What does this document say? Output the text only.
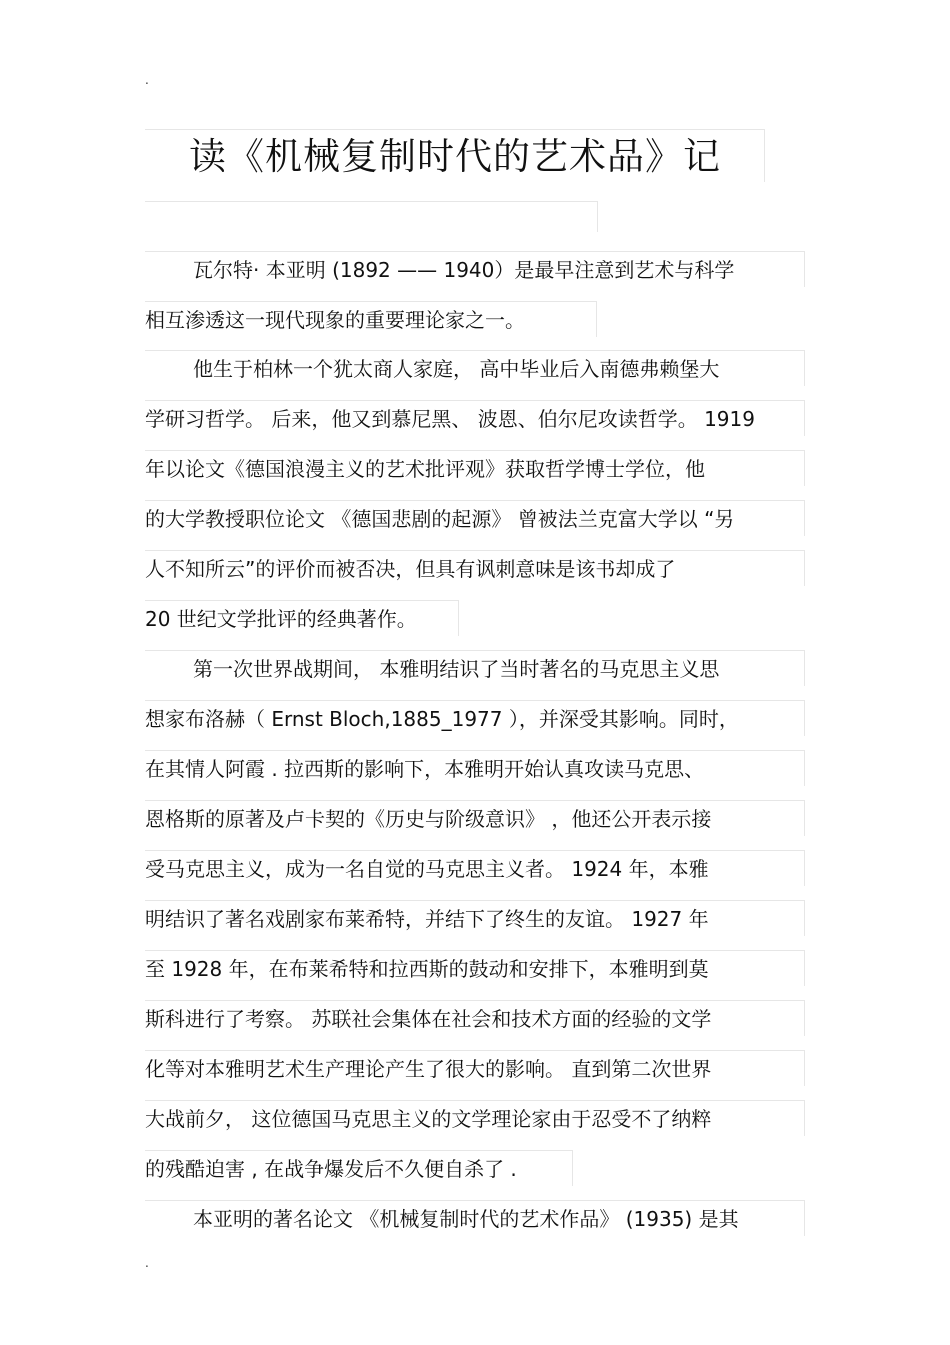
.
读《机械复制时代的艺术品》记
瓦尔特· 本亚明 (1892 —— 1940）是最早注意到艺术与科学
相互渗透这一现代现象的重要理论家之一。
他生于柏林一个犹太商人家庭， 高中毕业后入南德弗赖堡大
学研习哲学。 后来，他又到慕尼黑、 波恩、伯尔尼攻读哲学。 1919
年以论文《德国浪漫主义的艺术批评观》获取哲学博士学位，他
的大学教授职位论文 《德国悲剧的起源》 曾被法兰克富大学以 “另
人不知所云”的评价而被否决，但具有讽刺意味是该书却成了
20 世纪文学批评的经典著作。
第一次世界战期间， 本雅明结识了当时著名的马克思主义思
想家布洛赫（ Ernst Bloch,1885_1977 ），并深受其影响。同时，
在其情人阿霞 . 拉西斯的影响下，本雅明开始认真攻读马克思、
恩格斯的原著及卢卡契的《历史与阶级意识》 ，他还公开表示接
受马克思主义，成为一名自觉的马克思主义者。 1924 年，本雅
明结识了著名戏剧家布莱希特，并结下了终生的友谊。 1927 年
至 1928 年，在布莱希特和拉西斯的鼓动和安排下，本雅明到莫
斯科进行了考察。 苏联社会集体在社会和技术方面的经验的文学
化等对本雅明艺术生产理论产生了很大的影响。 直到第二次世界
大战前夕， 这位德国马克思主义的文学理论家由于忍受不了纳粹
的残酷迫害 , 在战争爆发后不久便自杀了 .
本亚明的著名论文 《机械复制时代的艺术作品》 (1935) 是其
.
